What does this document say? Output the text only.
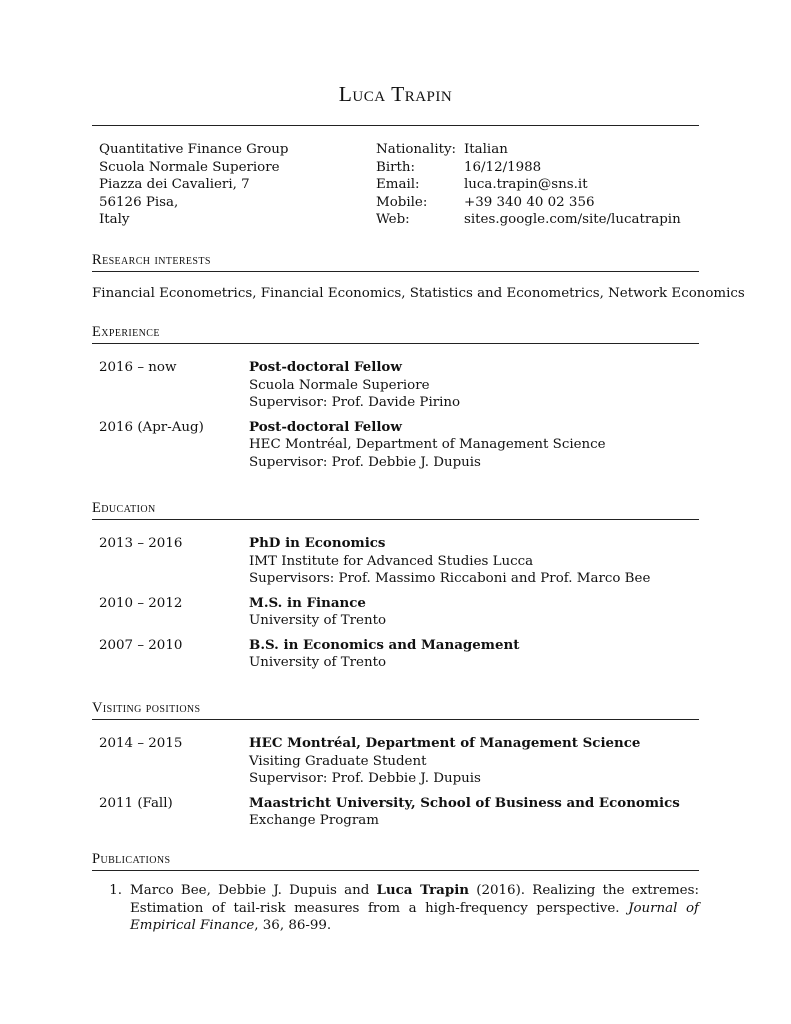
Luca Trapin
Quantitative Finance Group
Scuola Normale Superiore
Piazza dei Cavalieri, 7
56126 Pisa,
Italy
Nationality: Italian
Birth:	16/12/1988
Email:	luca.trapin@sns.it
Mobile:	+39 340 40 02 356
Web:	sites.google.com/site/lucatrapin
Research interests
Financial Econometrics, Financial Economics, Statistics and Econometrics, Network Economics
Experience
2016 – now	Post-doctoral Fellow
Scuola Normale Superiore
Supervisor: Prof. Davide Pirino
2016 (Apr-Aug)	Post-doctoral Fellow
HEC Montréal, Department of Management Science
Supervisor: Prof. Debbie J. Dupuis
Education
2013 – 2016	PhD in Economics
IMT Institute for Advanced Studies Lucca
Supervisors: Prof. Massimo Riccaboni and Prof. Marco Bee
2010 – 2012	M.S. in Finance
University of Trento
2007 – 2010	B.S. in Economics and Management
University of Trento
Visiting positions
2014 – 2015	HEC Montréal, Department of Management Science
Visiting Graduate Student
Supervisor: Prof. Debbie J. Dupuis
2011 (Fall)	Maastricht University, School of Business and Economics
Exchange Program
Publications
1. Marco Bee, Debbie J. Dupuis and Luca Trapin (2016). Realizing the extremes: Estimation of tail-risk measures from a high-frequency perspective. Journal of Empirical Finance, 36, 86-99.
